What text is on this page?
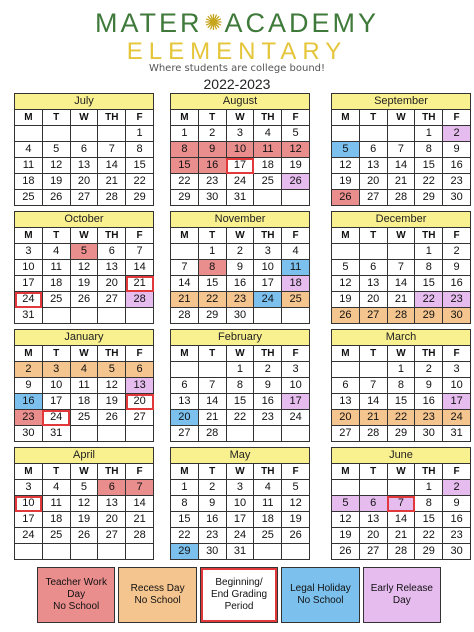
MATER✺ACADEMY
ELEMENTARY
Where students are college bound!
2022-2023
July
M	T	W	TH	F
				1
4	5	6	7	8
11	12	13	14	15
18	19	20	21	22
25	26	27	28	29
August
M	T	W	TH	F
1	2	3	4	5
8	9	10	11	12
15	16	17	18	19
22	23	24	25	26
29	30	31		
September
M	T	W	TH	F
			1	2
5	6	7	8	9
12	13	14	15	16
19	20	21	22	23
26	27	28	29	30
October
M	T	W	TH	F
3	4	5	6	7
10	11	12	13	14
17	18	19	20	21
24	25	26	27	28
31				
November
M	T	W	TH	F
	1	2	3	4
7	8	9	10	11
14	15	16	17	18
21	22	23	24	25
28	29	30		
December
M	T	W	TH	F
			1	2
5	6	7	8	9
12	13	14	15	16
19	20	21	22	23
26	27	28	29	30
January
M	T	W	TH	F
2	3	4	5	6
9	10	11	12	13
16	17	18	19	20
23	24	25	26	27
30	31			
February
M	T	W	TH	F
		1	2	3
6	7	8	9	10
13	14	15	16	17
20	21	22	23	24
27	28			
March
M	T	W	TH	F
		1	2	3
6	7	8	9	10
13	14	15	16	17
20	21	22	23	24
27	28	29	30	31
April
M	T	W	TH	F
3	4	5	6	7
10	11	12	13	14
17	18	19	20	21
24	25	26	27	28

May
M	T	W	TH	F
1	2	3	4	5
8	9	10	11	12
15	16	17	18	19
22	23	24	25	26
29	30	31		
June
M	T	W	TH	F
			1	2
5	6	7	8	9
12	13	14	15	16
19	20	21	22	23
26	27	28	29	30
Teacher Work Day
No School
Recess Day
No School
Beginning/
End Grading Period
Legal Holiday
No School
Early Release
Day
